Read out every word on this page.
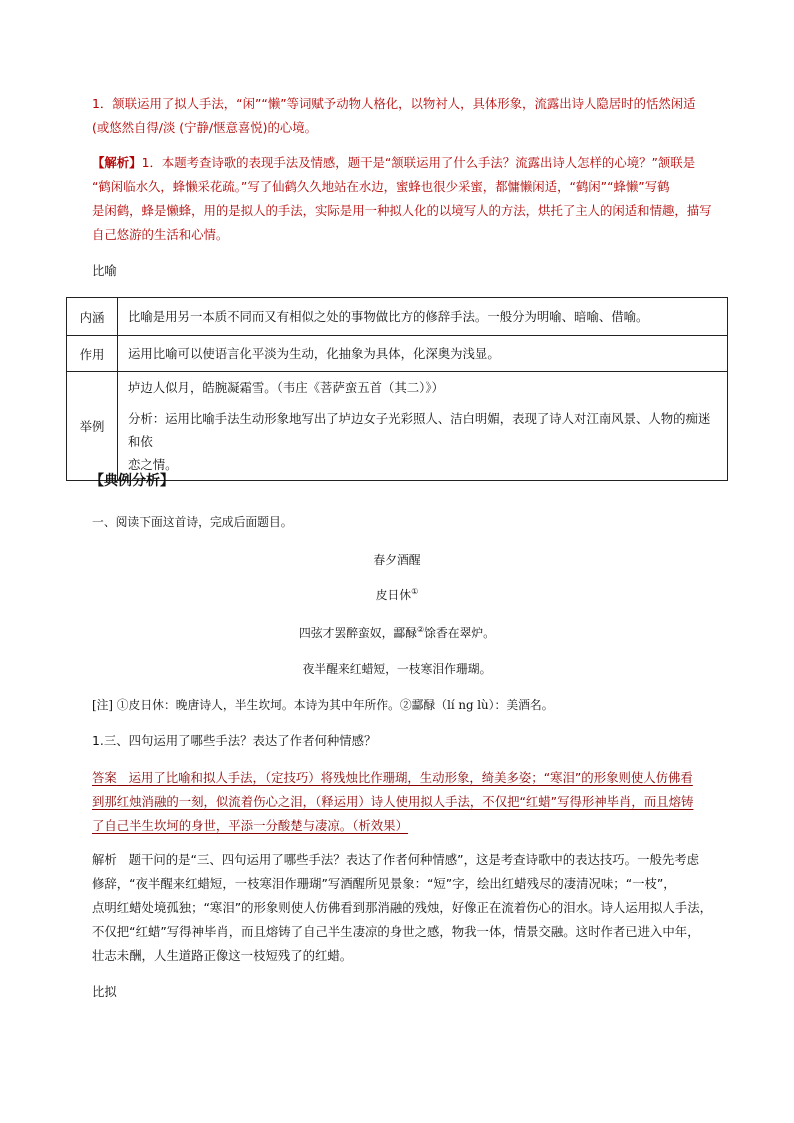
1．颔联运用了拟人手法，“闲”“懒”等词赋予动物人格化，以物衬人，具体形象，流露出诗人隐居时的恬然闲适
(或悠然自得/淡 (宁静/惬意喜悦)的心境。
【解析】1．本题考查诗歌的表现手法及情感，题干是“颔联运用了什么手法？流露出诗人怎样的心境？”颔联是
“鹤闲临水久，蜂懒采花疏。”写了仙鹤久久地站在水边，蜜蜂也很少采蜜，都慵懒闲适，“鹤闲”“蜂懒”写鹤
是闲鹤，蜂是懒蜂，用的是拟人的手法，实际是用一种拟人化的以境写人的方法，烘托了主人的闲适和情趣，描写
自己悠游的生活和心情。
比喻
内涵	比喻是用另一本质不同而又有相似之处的事物做比方的修辞手法。一般分为明喻、暗喻、借喻。
作用	运用比喻可以使语言化平淡为生动，化抽象为具体，化深奥为浅显。
举例	垆边人似月，皓腕凝霜雪。（韦庄《菩萨蛮五首（其二）》）
分析：运用比喻手法生动形象地写出了垆边女子光彩照人、洁白明媚，表现了诗人对江南风景、人物的痴迷和依
恋之情。
【典例分析】
一、阅读下面这首诗，完成后面题目。
春夕酒醒
皮日休①
四弦才罢醉蛮奴，酃醁②馀香在翠炉。
夜半醒来红蜡短，一枝寒泪作珊瑚。
[注] ①皮日休：晚唐诗人，半生坎坷。本诗为其中年所作。②酃醁（lí ng lù）：美酒名。
1.三、四句运用了哪些手法？表达了作者何种情感？
答案 运用了比喻和拟人手法，（定技巧）将残烛比作珊瑚，生动形象，绮美多姿；“寒泪”的形象则使人仿佛看
到那红烛消融的一刻，似流着伤心之泪，（释运用）诗人使用拟人手法，不仅把“红蜡”写得形神毕肖，而且熔铸
了自己半生坎坷的身世，平添一分酸楚与凄凉。（析效果）
解析 题干问的是“三、四句运用了哪些手法？表达了作者何种情感”，这是考查诗歌中的表达技巧。一般先考虑
修辞，“夜半醒来红蜡短，一枝寒泪作珊瑚”写酒醒所见景象：“短”字，绘出红蜡残尽的凄清况味；“一枝”，
点明红蜡处境孤独；“寒泪”的形象则使人仿佛看到那消融的残烛，好像正在流着伤心的泪水。诗人运用拟人手法，
不仅把“红蜡”写得神毕肖，而且熔铸了自己半生凄凉的身世之感，物我一体，情景交融。这时作者已进入中年，
壮志未酬，人生道路正像这一枝短残了的红蜡。
比拟
